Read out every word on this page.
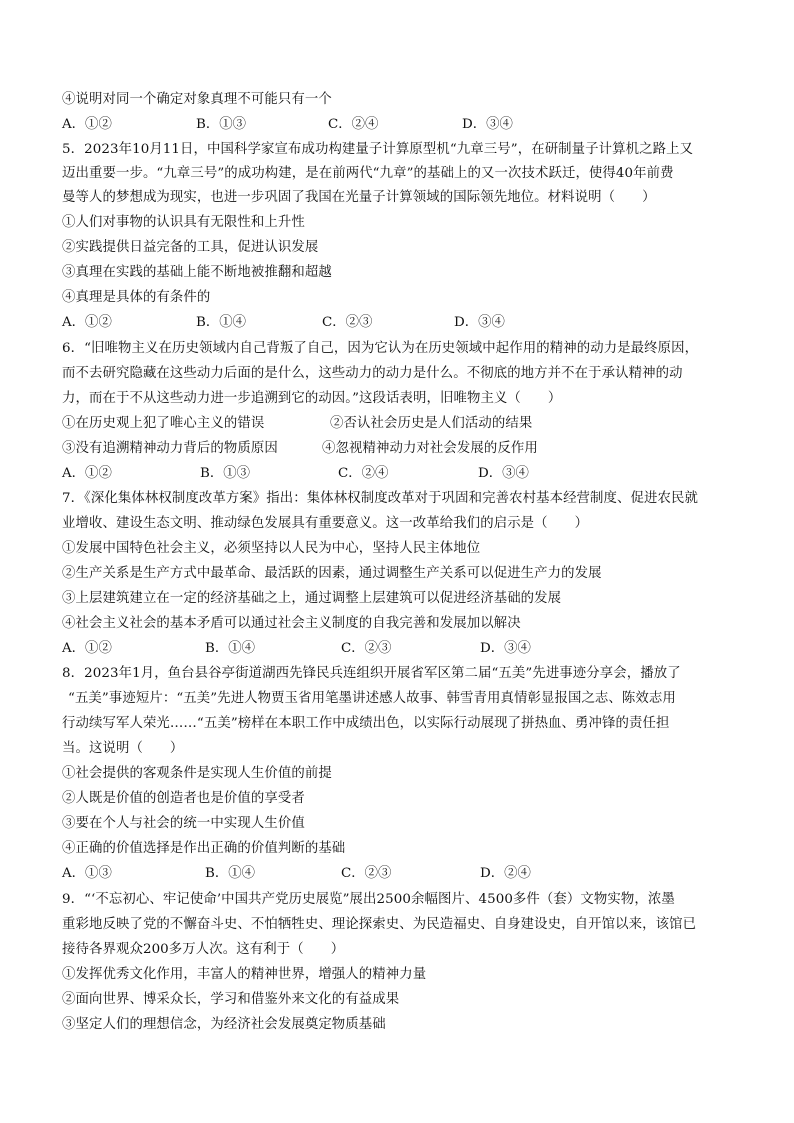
④说明对同一个确定对象真理不可能只有一个
A．①②	B．①③	C．②④	D．③④
5．2023年10月11日，中国科学家宣布成功构建量子计算原型机“九章三号”，在研制量子计算机之路上又
迈出重要一步。“九章三号”的成功构建，是在前两代“九章”的基础上的又一次技术跃迁，使得40年前费
曼等人的梦想成为现实，也进一步巩固了我国在光量子计算领域的国际领先地位。材料说明（　　）
①人们对事物的认识具有无限性和上升性
②实践提供日益完备的工具，促进认识发展
③真理在实践的基础上能不断地被推翻和超越
④真理是具体的有条件的
A．①②	B．①④	C．②③	D．③④
6．“旧唯物主义在历史领域内自己背叛了自己，因为它认为在历史领域中起作用的精神的动力是最终原因，
而不去研究隐藏在这些动力后面的是什么，这些动力的动力是什么。不彻底的地方并不在于承认精神的动
力，而在于不从这些动力进一步追溯到它的动因。”这段话表明，旧唯物主义（　　）
①在历史观上犯了唯心主义的错误	②否认社会历史是人们活动的结果
③没有追溯精神动力背后的物质原因	④忽视精神动力对社会发展的反作用
A．①②	B．①③	C．②④	D．③④
7．《深化集体林权制度改革方案》指出：集体林权制度改革对于巩固和完善农村基本经营制度、促进农民就
业增收、建设生态文明、推动绿色发展具有重要意义。这一改革给我们的启示是（　　）
①发展中国特色社会主义，必须坚持以人民为中心，坚持人民主体地位
②生产关系是生产方式中最革命、最活跃的因素，通过调整生产关系可以促进生产力的发展
③上层建筑建立在一定的经济基础之上，通过调整上层建筑可以促进经济基础的发展
④社会主义社会的基本矛盾可以通过社会主义制度的自我完善和发展加以解决
A．①②	B．①④	C．②③	D．③④
8．2023年1月，鱼台县谷亭街道湖西先锋民兵连组织开展省军区第二届“五美”先进事迹分享会，播放了
“五美”事迹短片：“五美”先进人物贾玉省用笔墨讲述感人故事、韩雪青用真情彰显报国之志、陈效志用
行动续写军人荣光……“五美”榜样在本职工作中成绩出色，以实际行动展现了拼热血、勇冲锋的责任担
当。这说明（　　）
①社会提供的客观条件是实现人生价值的前提
②人既是价值的创造者也是价值的享受者
③要在个人与社会的统一中实现人生价值
④正确的价值选择是作出正确的价值判断的基础
A．①③	B．①④	C．②③	D．②④
9．“‘不忘初心、牢记使命’中国共产党历史展览”展出2500余幅图片、4500多件（套）文物实物，浓墨
重彩地反映了党的不懈奋斗史、不怕牺牲史、理论探索史、为民造福史、自身建设史，自开馆以来，该馆已
接待各界观众200多万人次。这有利于（　　）
①发挥优秀文化作用，丰富人的精神世界，增强人的精神力量
②面向世界、博采众长，学习和借鉴外来文化的有益成果
③坚定人们的理想信念，为经济社会发展奠定物质基础
